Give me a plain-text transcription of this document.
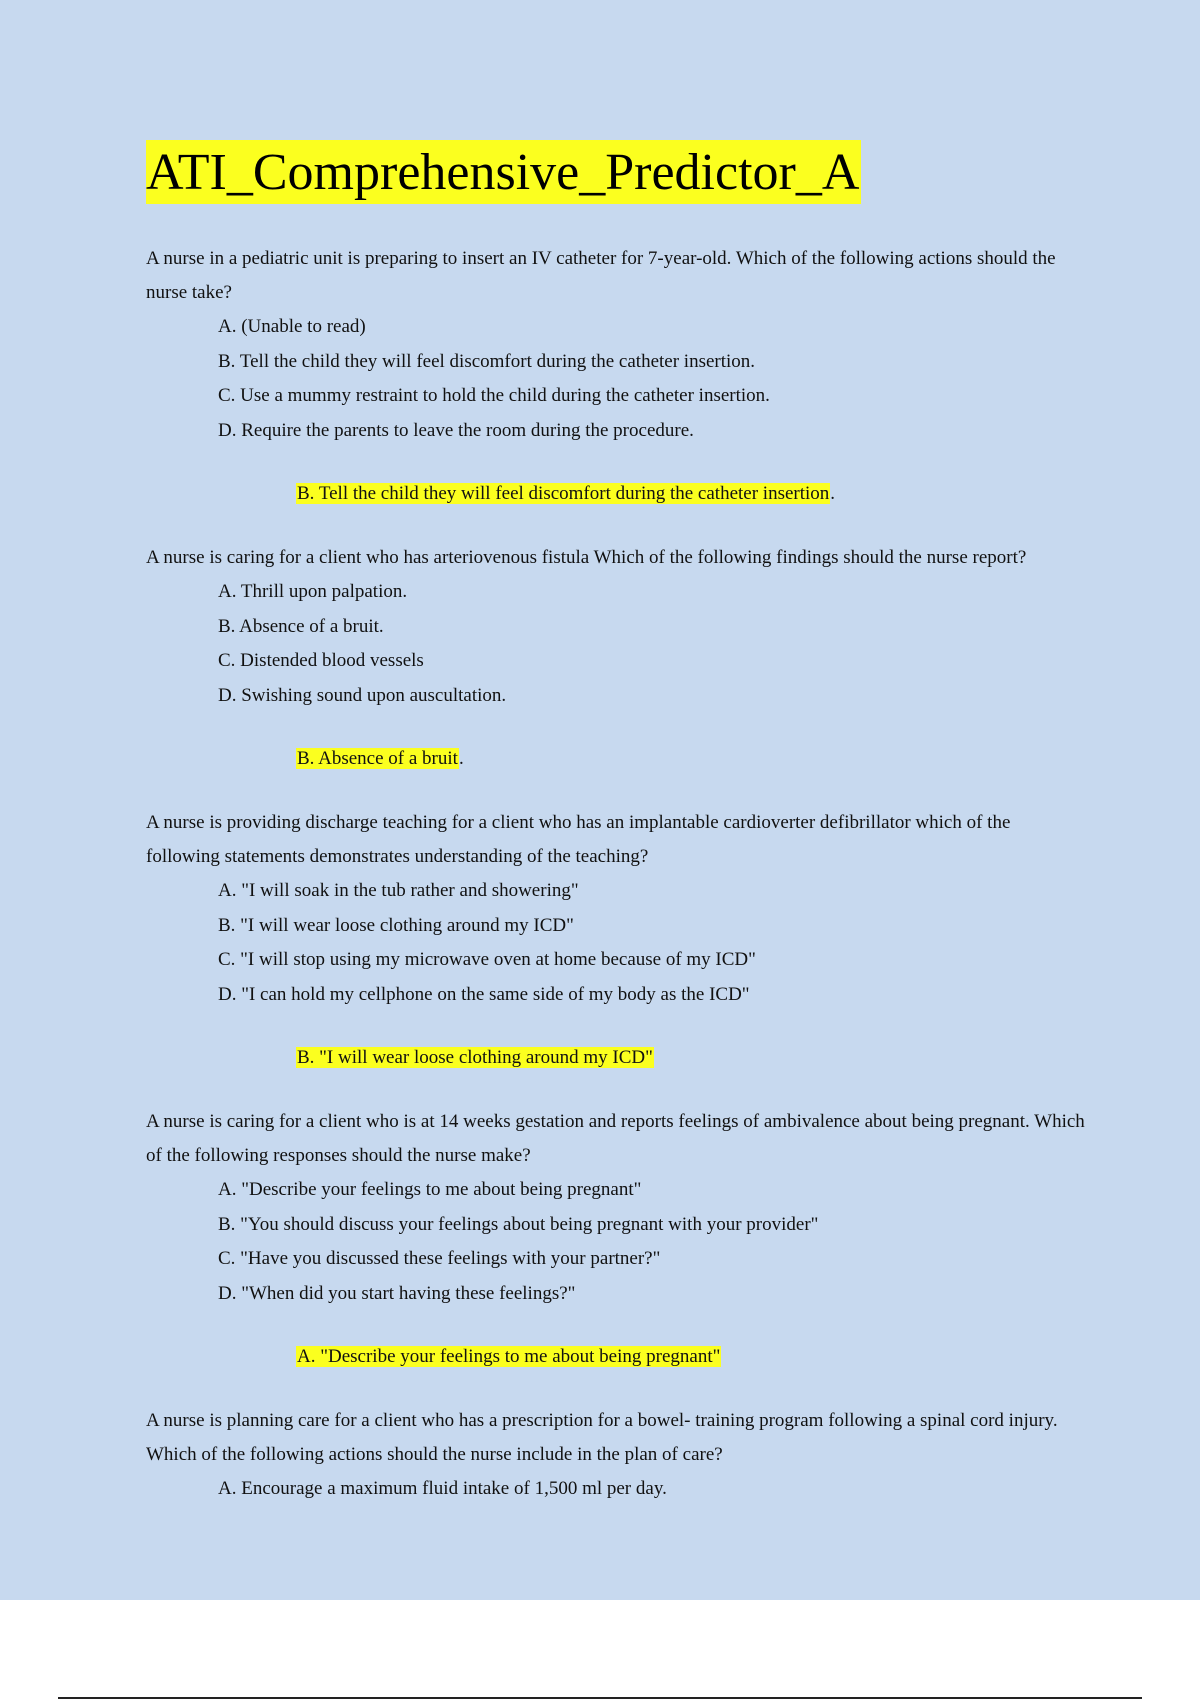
ATI_Comprehensive_Predictor_A

A nurse in a pediatric unit is preparing to insert an IV catheter for 7-year-old. Which of the following actions should the nurse take?

A. (Unable to read)
B. Tell the child they will feel discomfort during the catheter insertion.
C. Use a mummy restraint to hold the child during the catheter insertion.
D. Require the parents to leave the room during the procedure.
B. Tell the child they will feel discomfort during the catheter insertion.

A nurse is caring for a client who has arteriovenous fistula Which of the following findings should the nurse report?

A. Thrill upon palpation.
B. Absence of a bruit.
C. Distended blood vessels
D. Swishing sound upon auscultation.
B. Absence of a bruit.

A nurse is providing discharge teaching for a client who has an implantable cardioverter defibrillator which of the following statements demonstrates understanding of the teaching?

A. "I will soak in the tub rather and showering"
B. "I will wear loose clothing around my ICD"
C. "I will stop using my microwave oven at home because of my ICD"
D. "I can hold my cellphone on the same side of my body as the ICD"
B. "I will wear loose clothing around my ICD"

A nurse is caring for a client who is at 14 weeks gestation and reports feelings of ambivalence about being pregnant. Which of the following responses should the nurse make?

A. "Describe your feelings to me about being pregnant"
B. "You should discuss your feelings about being pregnant with your provider"
C. "Have you discussed these feelings with your partner?"
D. "When did you start having these feelings?"
A. "Describe your feelings to me about being pregnant"

A nurse is planning care for a client who has a prescription for a bowel- training program following a spinal cord injury. Which of the following actions should the nurse include in the plan of care?

A. Encourage a maximum fluid intake of 1,500 ml per day.
